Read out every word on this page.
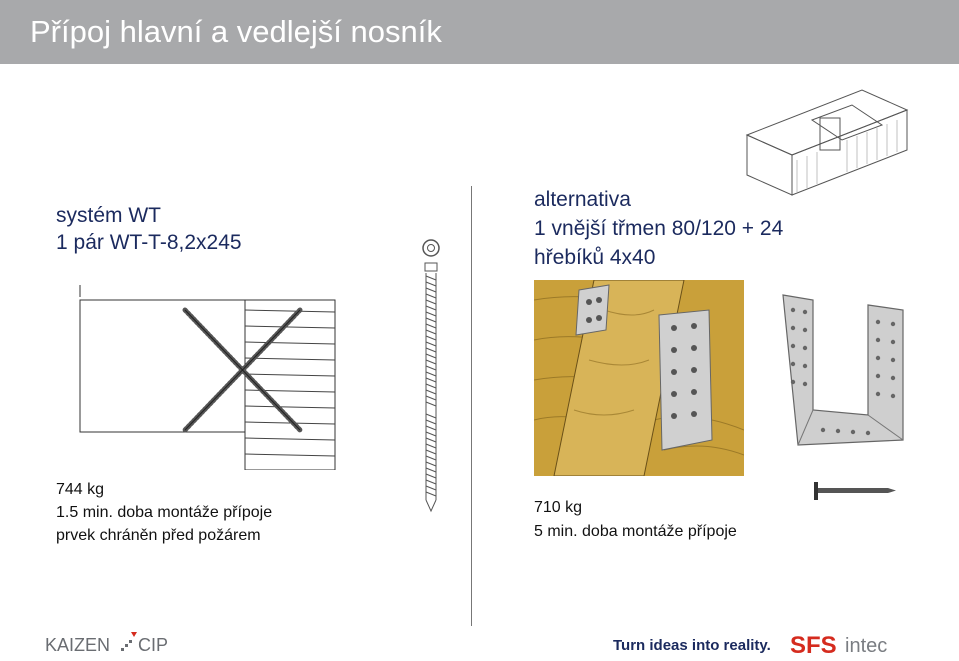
Přípoj hlavní a vedlejší nosník
systém WT
1 pár WT-T-8,2x245
alternativa
1 vnější třmen 80/120 + 24
hřebíků 4x40
744 kg
1.5 min. doba montáže přípoje
prvek chráněn před požárem
710 kg
5 min. doba montáže přípoje
KAIZEN CIP	Turn ideas into reality. SFS intec
